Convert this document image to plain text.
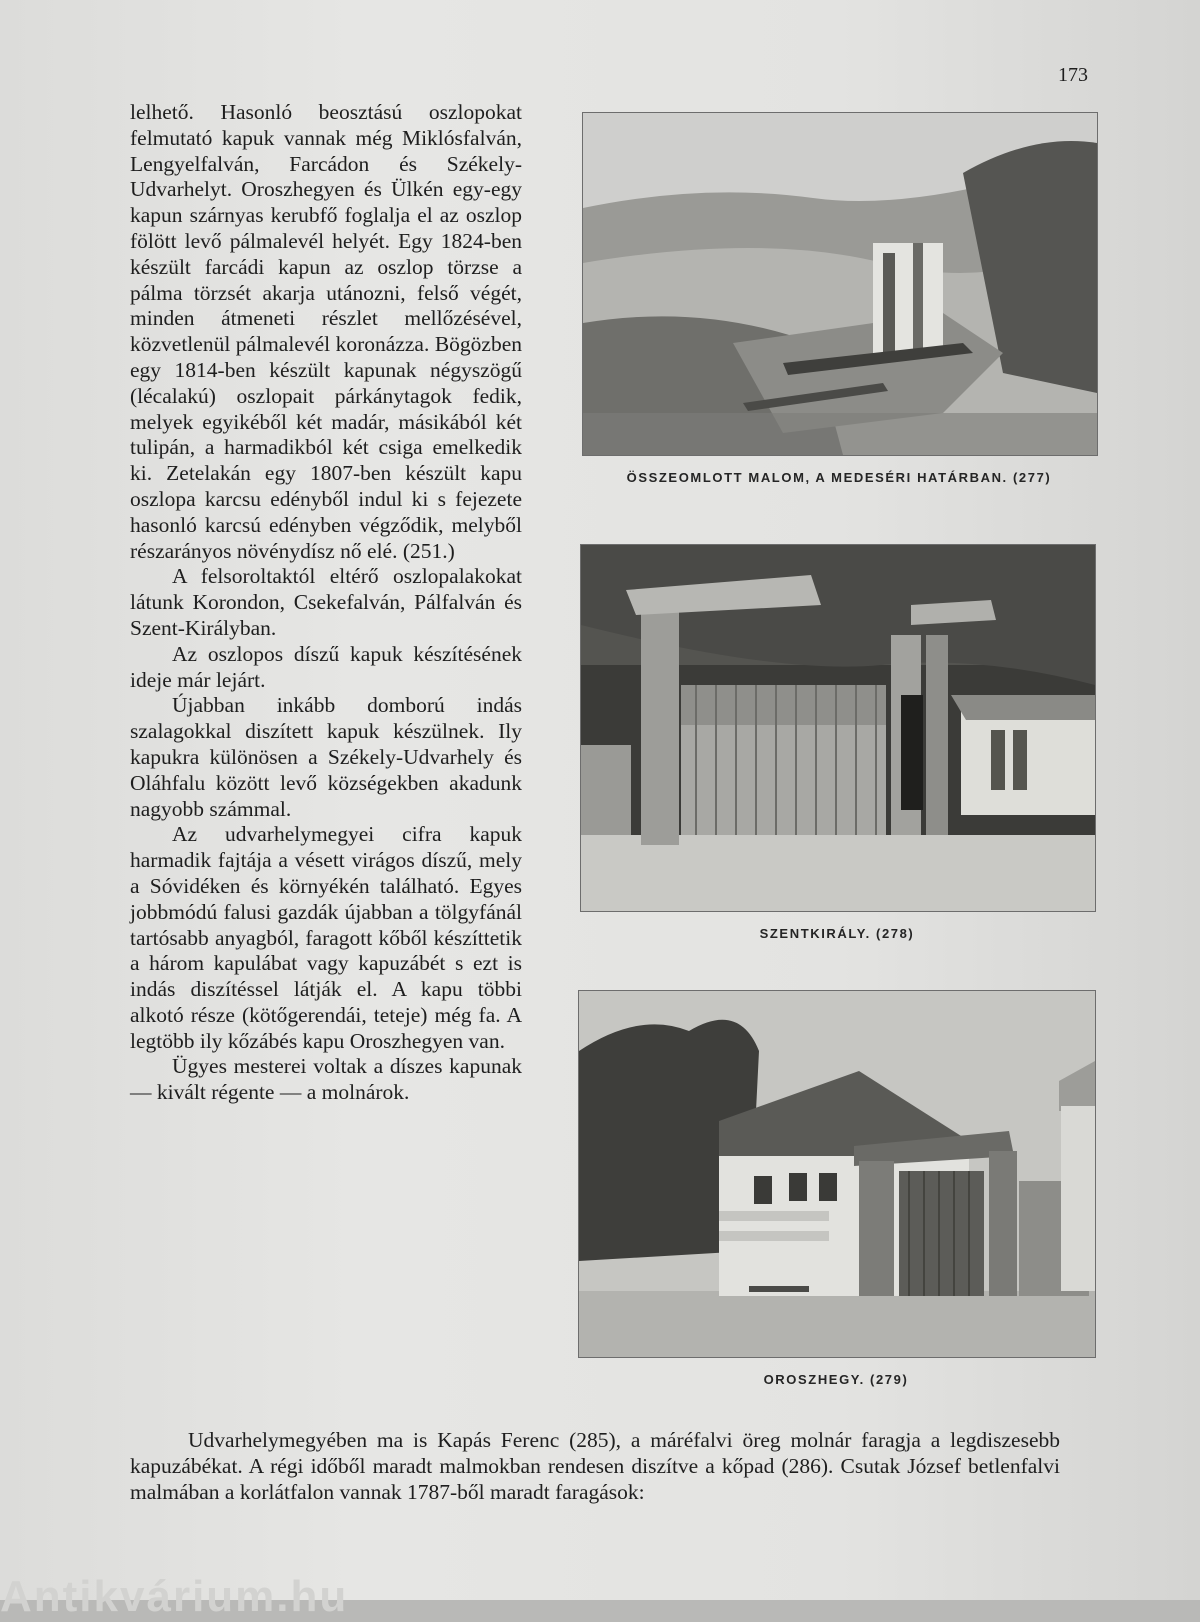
173

lelhető. Hasonló beosztású oszlopokat felmutató kapuk vannak még Miklósfalván, Lengyelfalván, Farcádon és Székely-Udvarhelyt. Oroszhegyen és Ülkén egy-egy kapun szárnyas kerubfő foglalja el az oszlop fölött levő pálmalevél helyét. Egy 1824-ben készült farcádi kapun az oszlop törzse a pálma törzsét akarja utánozni, felső végét, minden átmeneti részlet mellőzésével, közvetlenül pálmalevél koronázza. Bögözben egy 1814-ben készült kapunak négyszögű (lécalakú) oszlopait párkánytagok fedik, melyek egyikéből két madár, másikából két tulipán, a harmadikból két csiga emelkedik ki. Zetelakán egy 1807-ben készült kapu oszlopa karcsu edényből indul ki s fejezete hasonló karcsú edényben végződik, melyből részarányos növénydísz nő elé. (251.)

A felsoroltaktól eltérő oszlopalakokat látunk Korondon, Csekefalván, Pálfalván és Szent-Királyban.

Az oszlopos díszű kapuk készítésének ideje már lejárt.

Újabban inkább domború indás szalagokkal diszített kapuk készülnek. Ily kapukra különösen a Székely-Udvarhely és Oláhfalu között levő községekben akadunk nagyobb számmal.

Az udvarhelymegyei cifra kapuk harmadik fajtája a vésett virágos díszű, mely a Sóvidéken és környékén található. Egyes jobbmódú falusi gazdák újabban a tölgyfánál tartósabb anyagból, faragott kőből készíttetik a három kapulábat vagy kapuzábét s ezt is indás diszítéssel látják el. A kapu többi alkotó része (kötőgerendái, teteje) még fa. A legtöbb ily kőzábés kapu Oroszhegyen van.

Ügyes mesterei voltak a díszes kapunak — kivált régente — a molnárok.

ÖSSZEOMLOTT MALOM, A MEDESÉRI HATÁRBAN. (277)
SZENTKIRÁLY. (278)
OROSZHEGY. (279)

Udvarhelymegyében ma is Kapás Ferenc (285), a máréfalvi öreg molnár faragja a legdiszesebb kapuzábékat. A régi időből maradt malmokban rendesen diszítve a kőpad (286). Csutak József betlenfalvi malmában a korlátfalon vannak 1787-ből maradt faragások:

Antikvárium.hu
